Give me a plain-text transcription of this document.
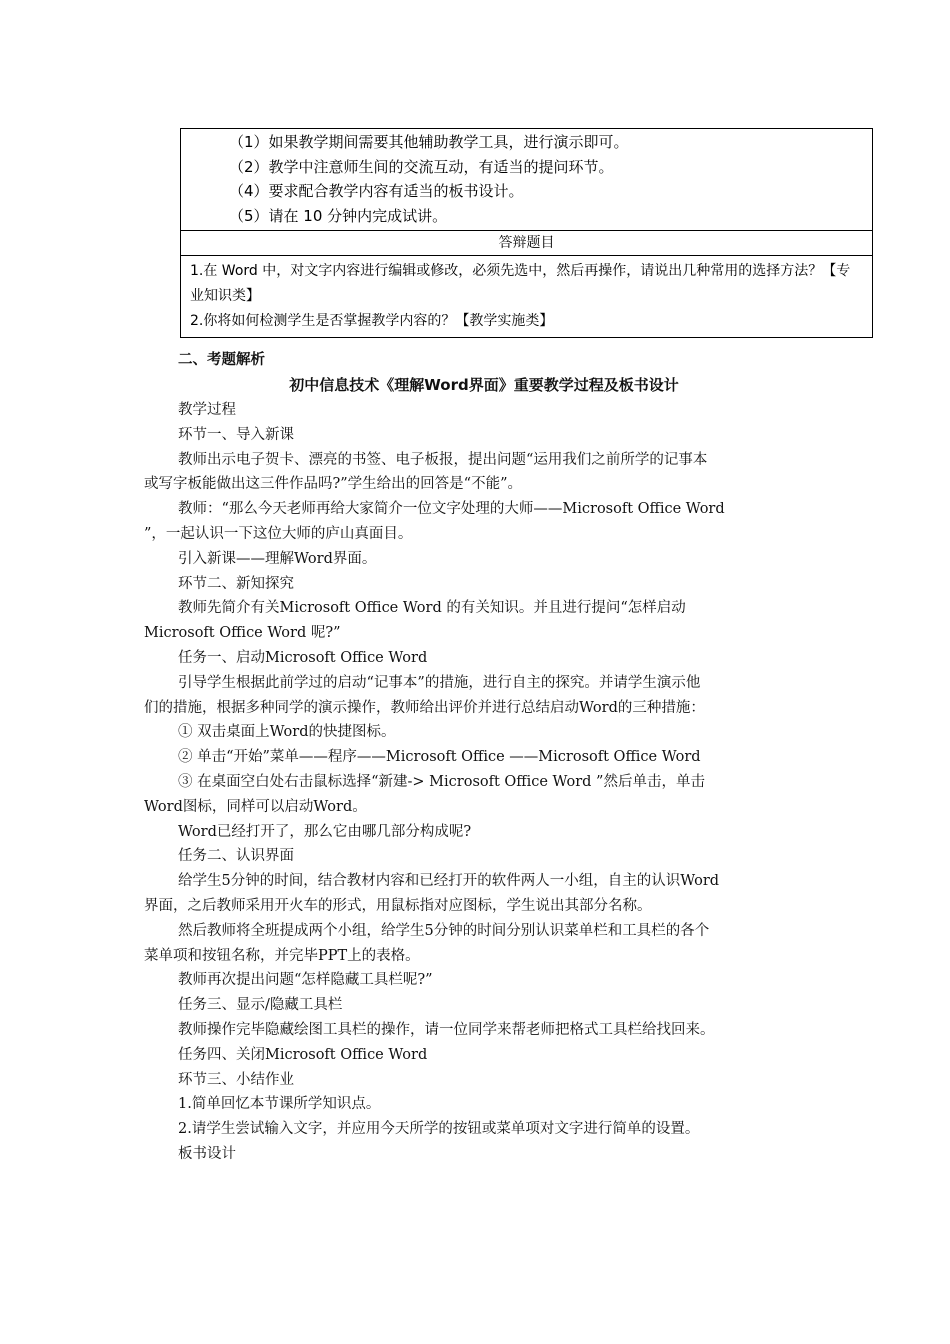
（1）如果教学期间需要其他辅助教学工具，进行演示即可。
（2）教学中注意师生间的交流互动，有适当的提问环节。
（4）要求配合教学内容有适当的板书设计。
（5）请在 10 分钟内完成试讲。
答辩题目
1.在 Word 中，对文字内容进行编辑或修改，必须先选中，然后再操作，请说出几种常用的选择方法？【专
业知识类】
2.你将如何检测学生是否掌握教学内容的？【教学实施类】
二、考题解析
初中信息技术《理解Word界面》重要教学过程及板书设计
教学过程
环节一、导入新课
教师出示电子贺卡、漂亮的书签、电子板报，提出问题“运用我们之前所学的记事本
或写字板能做出这三件作品吗?”学生给出的回答是“不能”。
教师：“那么今天老师再给大家简介一位文字处理的大师——Microsoft Office Word
”，一起认识一下这位大师的庐山真面目。
引入新课——理解Word界面。
环节二、新知探究
教师先简介有关Microsoft Office Word 的有关知识。并且进行提问“怎样启动
Microsoft Office Word 呢?”
任务一、启动Microsoft Office Word
引导学生根据此前学过的启动“记事本”的措施，进行自主的探究。并请学生演示他
们的措施，根据多种同学的演示操作，教师给出评价并进行总结启动Word的三种措施：
① 双击桌面上Word的快捷图标。
② 单击“开始”菜单——程序——Microsoft Office ——Microsoft Office Word
③ 在桌面空白处右击鼠标选择“新建-> Microsoft Office Word ”然后单击，单击
Word图标，同样可以启动Word。
Word已经打开了，那么它由哪几部分构成呢?
任务二、认识界面
给学生5分钟的时间，结合教材内容和已经打开的软件两人一小组，自主的认识Word
界面，之后教师采用开火车的形式，用鼠标指对应图标，学生说出其部分名称。
然后教师将全班提成两个小组，给学生5分钟的时间分别认识菜单栏和工具栏的各个
菜单项和按钮名称，并完毕PPT上的表格。
教师再次提出问题“怎样隐藏工具栏呢?”
任务三、显示/隐藏工具栏
教师操作完毕隐藏绘图工具栏的操作，请一位同学来帮老师把格式工具栏给找回来。
任务四、关闭Microsoft Office Word
环节三、小结作业
1.简单回忆本节课所学知识点。
2.请学生尝试输入文字，并应用今天所学的按钮或菜单项对文字进行简单的设置。
板书设计
